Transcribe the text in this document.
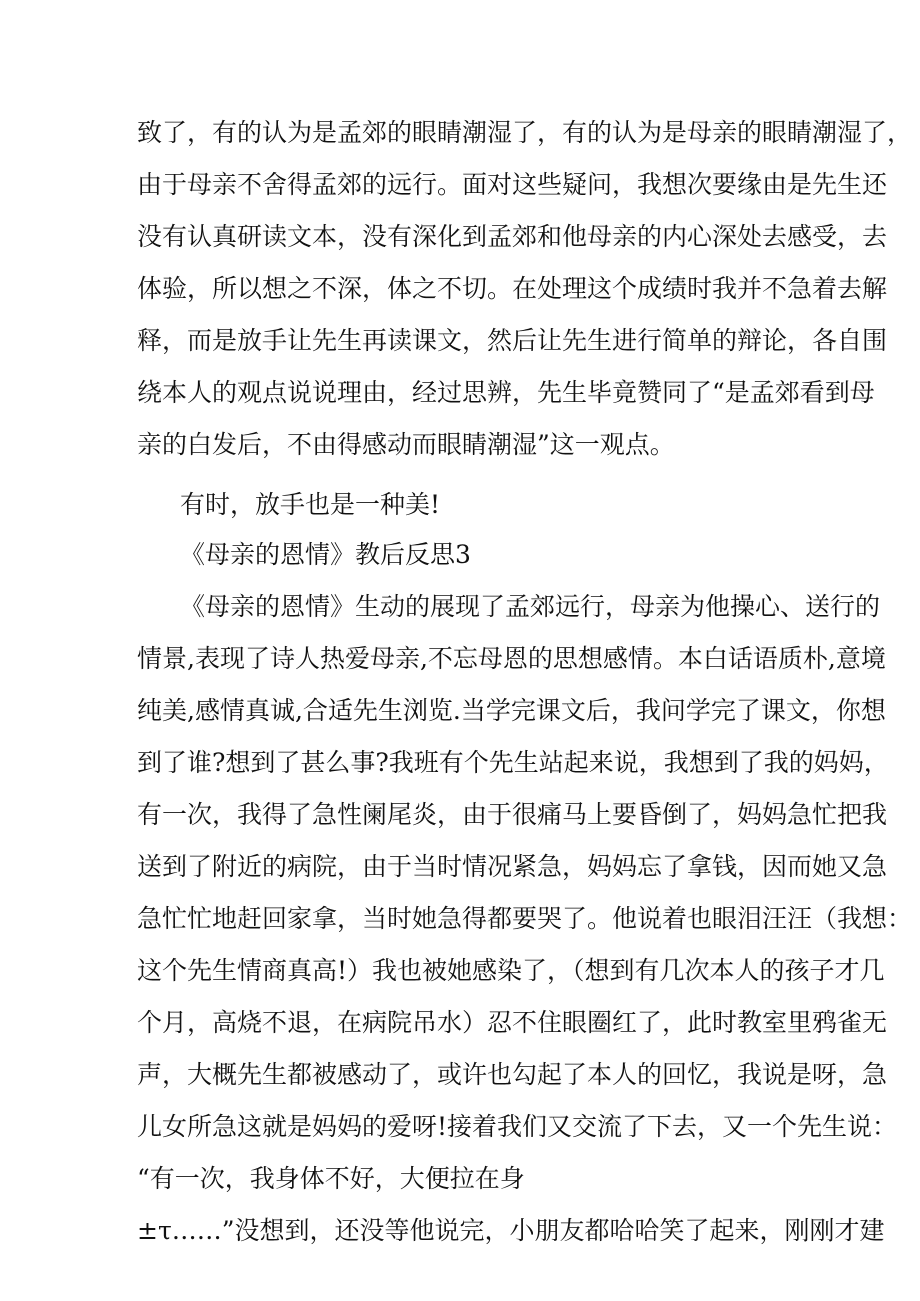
致了，有的认为是孟郊的眼睛潮湿了，有的认为是母亲的眼睛潮湿了，
由于母亲不舍得孟郊的远行。面对这些疑问，我想次要缘由是先生还
没有认真研读文本，没有深化到孟郊和他母亲的内心深处去感受，去
体验，所以想之不深，体之不切。在处理这个成绩时我并不急着去解
释，而是放手让先生再读课文，然后让先生进行简单的辩论，各自围
绕本人的观点说说理由，经过思辨，先生毕竟赞同了“是孟郊看到母
亲的白发后，不由得感动而眼睛潮湿”这一观点。
有时，放手也是一种美!
《母亲的恩情》教后反思3
《母亲的恩情》生动的展现了孟郊远行，母亲为他操心、送行的
情景,表现了诗人热爱母亲,不忘母恩的思想感情。本白话语质朴,意境
纯美,感情真诚,合适先生浏览.当学完课文后，我问学完了课文，你想
到了谁?想到了甚么事?我班有个先生站起来说，我想到了我的妈妈，
有一次，我得了急性阑尾炎，由于很痛马上要昏倒了，妈妈急忙把我
送到了附近的病院，由于当时情况紧急，妈妈忘了拿钱，因而她又急
急忙忙地赶回家拿，当时她急得都要哭了。他说着也眼泪汪汪（我想：
这个先生情商真高!）我也被她感染了，（想到有几次本人的孩子才几
个月，高烧不退，在病院吊水）忍不住眼圈红了，此时教室里鸦雀无
声，大概先生都被感动了，或许也勾起了本人的回忆，我说是呀，急
儿女所急这就是妈妈的爱呀!接着我们又交流了下去，又一个先生说：
“有一次，我身体不好，大便拉在身
±τ……”没想到，还没等他说完，小朋友都哈哈笑了起来，刚刚才建
